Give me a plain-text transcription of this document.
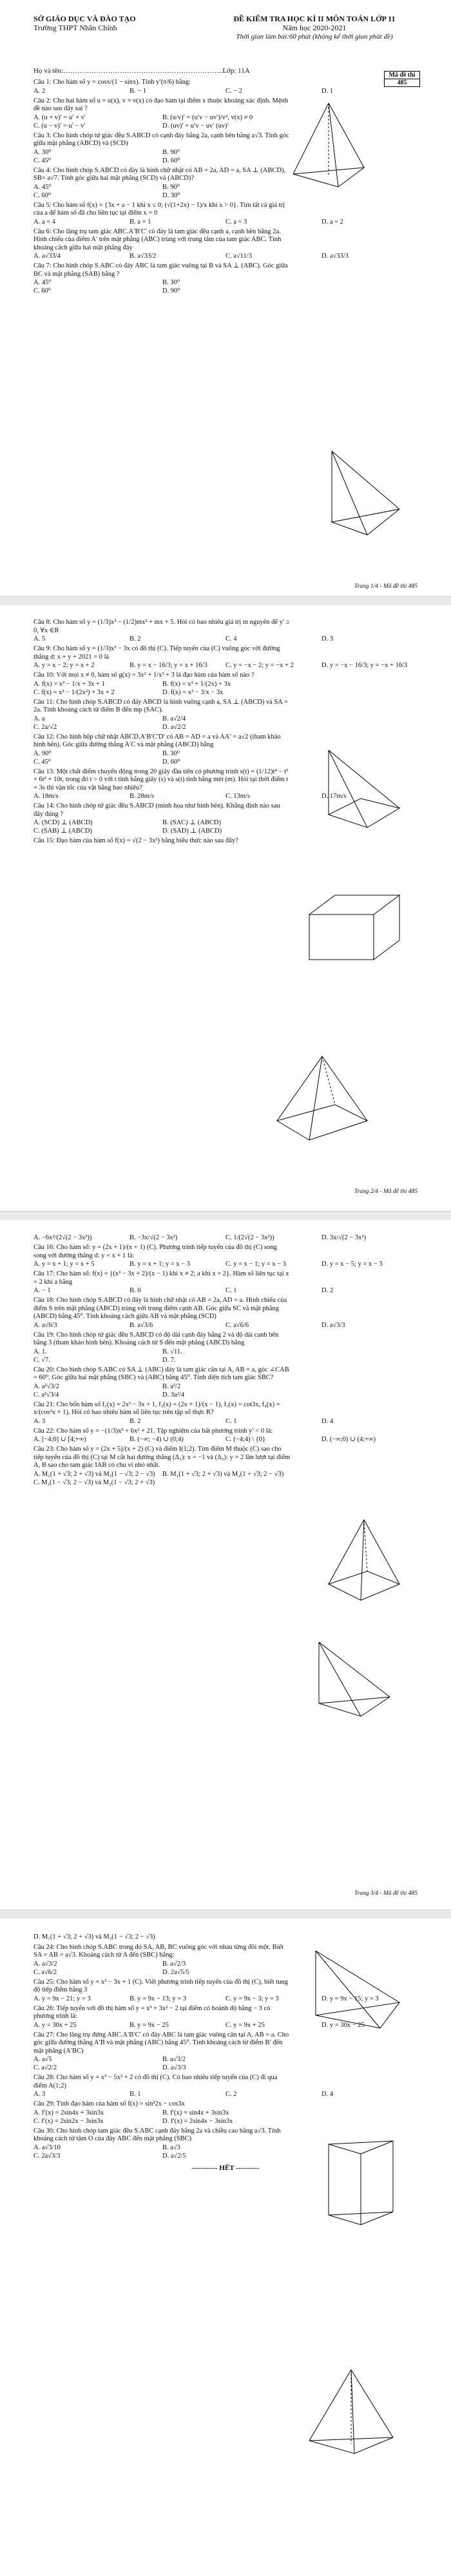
SỞ GIÁO DỤC VÀ ĐÀO TẠO
Trường THPT Nhân Chính
ĐỀ KIỂM TRA HỌC KÌ II MÔN TOÁN LỚP 11
Năm học 2020-2021
Thời gian làm bài:60 phút (không kể thời gian phát đề)
Mã đề thi
485
Họ và tên:…………………………………………………………..Lớp: 11A
Câu 1: Cho hàm số y = cosx/(1 − sinx). Tính y′(π/6) bằng:
A. 2	B. − 1	C. − 2	D. 1
Câu 2: Cho hai hàm số u = u(x), v = v(x) có đạo hàm tại điểm x thuộc khoảng xác định. Mệnh đề nào sau đây sai ?
A. (u + v)′ = u′ + v′	B. (u/v)′ = (u′v − uv′)/v², v(x) ≠ 0
C. (u − v)′ = u′ − v′	D. (uv)′ = u′v − uv′ (uv)′
Câu 3: Cho hình chóp tứ giác đều S.ABCD có cạnh đáy bằng 2a, cạnh bên bằng a√3. Tính góc giữa mặt phẳng (ABCD) và (SCD)
A. 30⁰	B. 90⁰
C. 45⁰	D. 60⁰
Câu 4: Cho hình chóp S.ABCD có đáy là hình chữ nhật có AB = 2a, AD = a, SA ⊥ (ABCD), SB= a√7. Tính góc giữa hai mặt phẳng (SCD) và (ABCD)?
A. 45⁰	B. 90⁰
C. 60⁰	D. 30⁰
Câu 5: Cho hàm số f(x) = {3x + a − 1 khi x ≤ 0; (√(1+2x) − 1)/x khi x > 0}. Tìm tất cả giá trị của a để hàm số đã cho liên tục tại điểm x = 0
A. a = 4	B. a = 1	C. a = 3	D. a = 2
Câu 6: Cho lăng trụ tam giác ABC.A′B′C′ có đáy là tam giác đều cạnh a, cạnh bên bằng 2a. Hình chiếu của điểm A′ trên mặt phẳng (ABC) trùng với trung tâm của tam giác ABC. Tính khoảng cách giữa hai mặt phẳng đáy
A. a√33/4	B. a√33/2	C. a√11/3	D. a√33/3
Câu 7: Cho hình chóp S.ABC có đáy ABC là tam giác vuông tại B và SA ⊥ (ABC). Góc giữa BC và mặt phẳng (SAB) bằng ?
A. 45⁰	B. 30⁰
C. 60⁰	D. 90⁰
Trang 1/4 - Mã đề thi 485
Câu 8: Cho hàm số y = (1/3)x³ − (1/2)mx² + mx + 5. Hỏi có bao nhiêu giá trị m nguyên để y′ ≥ 0, ∀x ∈R
A. 5	B. 2	C. 4	D. 3
Câu 9: Cho hàm số y = (1/3)x³ − 3x có đồ thị (C). Tiếp tuyến của (C) vuông góc với đường thẳng d: x + y + 2021 = 0 là
A. y = x − 2; y = x + 2	B. y = x − 16/3; y = x + 16/3	C. y = −x − 2; y = −x + 2	D. y = −x − 16/3; y = −x + 16/3
Câu 10: Với mọi x ≠ 0, hàm số g(x) = 3x² + 1/x³ + 3 là đạo hàm của hàm số nào ?
A. f(x) = x³ − 1/x + 3x + 1	B. f(x) = x³ + 1/(2x) + 3x
C. f(x) = x³ − 1/(2x²) + 3x + 2	D. f(x) = x³ − 3/x − 3x
Câu 11: Cho hình chóp S.ABCD có đáy ABCD là hình vuông cạnh a, SA ⊥ (ABCD) và SA = 2a. Tính khoảng cách từ điểm B đến mp (SAC).
A. a	B. a√2/4
C. 2a/√2	D. a√2/2
Câu 12: Cho hình hộp chữ nhật ABCD.A′B′C′D′ có AB = AD = a và AA′ = a√2 (tham khảo hình bên). Góc giữa đường thẳng A′C và mặt phẳng (ABCD) bằng
A. 90⁰	B. 30⁰
C. 45⁰	D. 60⁰
Câu 13: Một chất điểm chuyển động trong 20 giây đầu tiên có phương trình s(t) = (1/12)t⁴ − t³ + 6t² + 10t, trong đó t > 0 với t tính bằng giây (s) và s(t) tính bằng mét (m). Hỏi tại thời điểm t = 3s thì vận tốc của vật bằng bao nhiêu?
A. 18m/s	B. 28m/s	C. 13m/s	D. 17m/s
Câu 14: Cho hình chóp tứ giác đều S.ABCD (minh họa như hình bên). Khẳng định nào sau đây đúng ?
A. (SCD) ⊥ (ABCD)	B. (SAC) ⊥ (ABCD)
C. (SAB) ⊥ (ABCD)	D. (SAD) ⊥ (ABCD)
Câu 15: Đạo hàm của hàm số f(x) = √(2 − 3x²) bằng biểu thức nào sau đây?
Trang 2/4 - Mã đề thi 485
A. −6x²/(2√(2 − 3x²))	B. −3x/√(2 − 3x²)	C. 1/(2√(2 − 3x²))	D. 3x/√(2 − 3x²)
Câu 16: Cho hàm số: y = (2x + 1)/(x + 1) (C). Phương trình tiếp tuyến của đồ thị (C) song song với đường thẳng d: y = x + 1 là:
A. y = x + 1; y = x + 5	B. y = x + 1; y = x − 3	C. y = x − 1; y = x − 3	D. y = x − 5; y = x − 3
Câu 17: Cho hàm số: f(x) = {(x³ − 3x + 2)/(x − 1) khi x ≠ 2; a khi x = 2}. Hàm số liên tục tại x = 2 khi a bằng
A. − 1	B. 0	C. 1	D. 2
Câu 18: Cho hình chóp S.ABCD có đáy là hình chữ nhật có AB = 2a, AD = a. Hình chiếu của điểm S trên mặt phẳng (ABCD) trùng với trung điểm cạnh AB. Góc giữa SC và mặt phẳng (ABCD) bằng 45⁰. Tính khoảng cách giữa AB và mặt phẳng (SCD)
A. a√6/3	B. a√3/6	C. a√6/6	D. a√3/3
Câu 19: Cho hình chóp tứ giác đều S.ABCD có độ dài cạnh đáy bằng 2 và độ dài cạnh bên bằng 3 (tham khảo hình bên). Khoảng cách từ S đến mặt phẳng (ABCD) bằng
A. 1.	B. √11.
C. √7.	D. 7.
Câu 20: Cho hình chóp S.ABC có SA ⊥ (ABC) đáy là tam giác cân tại A, AB = a, góc ∠CAB = 60⁰. Góc giữa hai mặt phẳng (SBC) và (ABC) bằng 45⁰. Tính diện tích tam giác SBC?
A. a²√3/2	B. a²/2
C. a²√3/4	D. 3a²/4
Câu 21: Cho bốn hàm số f₁(x) = 2x³ − 3x + 1, f₂(x) = (2x + 1)/(x − 1), f₃(x) = cot3x, f₄(x) = x/(cos²x + 1). Hỏi có bao nhiêu hàm số liên tục trên tập số thực R?
A. 3	B. 2	C. 1	D. 4
Câu 22: Cho hàm số y = −(1/3)x³ + 6x² + 21. Tập nghiệm của bất phương trình y′ < 0 là:
A. [−4;0] ∪ [4;+∞)	B. (−∞; −4) ∪ (0;4)	C. (−4;4) \ {0}	D. (−∞;0) ∪ (4;+∞)
Câu 23: Cho hàm số y = (2x + 5)/(x + 2) (C) và điểm I(1;2). Tìm điểm M thuộc (C) sao cho tiếp tuyến của đồ thị (C) tại M cắt hai đường thẳng (Δ₁): x = −1 và (Δ₂): y = 2 lần lượt tại điểm A, B sao cho tam giác IAB có chu vi nhỏ nhất.
A. M₁(1 + √3; 2 + √3) và M₂(1 − √3; 2 − √3)	B. M₁(1 + √3; 2 + √3) và M₂(1 + √3; 2 − √3)
C. M₁(1 − √3; 2 − √3) và M₂(1 − √3; 2 + √3)
Trang 3/4 - Mã đề thi 485
D. M₁(1 + √3; 2 + √3) và M₂(1 − √3; 2 − √3)
Câu 24: Cho hình chóp S.ABC trong đó SA, AB, BC vuông góc với nhau từng đôi một. Biết SA = AB = a√3. Khoảng cách từ A đến (SBC) bằng:
A. a√3/2	B. a√2/3
C. a√6/2	D. 2a√5/5
Câu 25: Cho hàm số y = x³ − 3x + 1 (C). Viết phương trình tiếp tuyến của đồ thị (C), biết tung độ tiếp điểm bằng 3
A. y = 9x − 21; y = 3	B. y = 9x − 13; y = 3	C. y = 9x − 3; y = 3	D. y = 9x − 15; y = 3
Câu 26: Tiếp tuyến với đồ thị hàm số y = x³ + 3x² − 2 tại điểm có hoành độ bằng − 3 có phương trình là:
A. y = 30x + 25	B. y = 9x − 25	C. y = 9x + 25	D. y = 30x − 25
Câu 27: Cho lăng trụ đứng ABC.A′B′C′ có đáy ABC là tam giác vuông cân tại A, AB = a. Cho góc giữa đường thẳng A′B và mặt phẳng (ABC) bằng 45⁰. Tính khoảng cách từ điểm B′ đến mặt phẳng (A′BC)
A. a√5	B. a√3/2
C. a√2/2	D. a√3/3
Câu 28: Cho hàm số y = x³ − 5x² + 2 có đồ thị (C). Có bao nhiêu tiếp tuyến của (C) đi qua điểm A(1;2)
A. 3	B. 1	C. 2	D. 4
Câu 29: Tính đạo hàm của hàm số f(x) = sin²2x − cos3x
A. f′(x) = 2sin4x + 3sin3x	B. f′(x) = sin4x + 3sin3x
C. f′(x) = 2sin2x − 3sin3x	D. f′(x) = 2sin4x − 3sin3x
Câu 30: Cho hình chóp tam giác đều S.ABC cạnh đáy bằng 2a và chiều cao bằng a√3. Tính khoảng cách từ tâm O của đáy ABC đến mặt phẳng (SBC)
A. a√3/10	B. a√3
C. 2a√3/3	D. a√2/5
----------- HẾT ----------
